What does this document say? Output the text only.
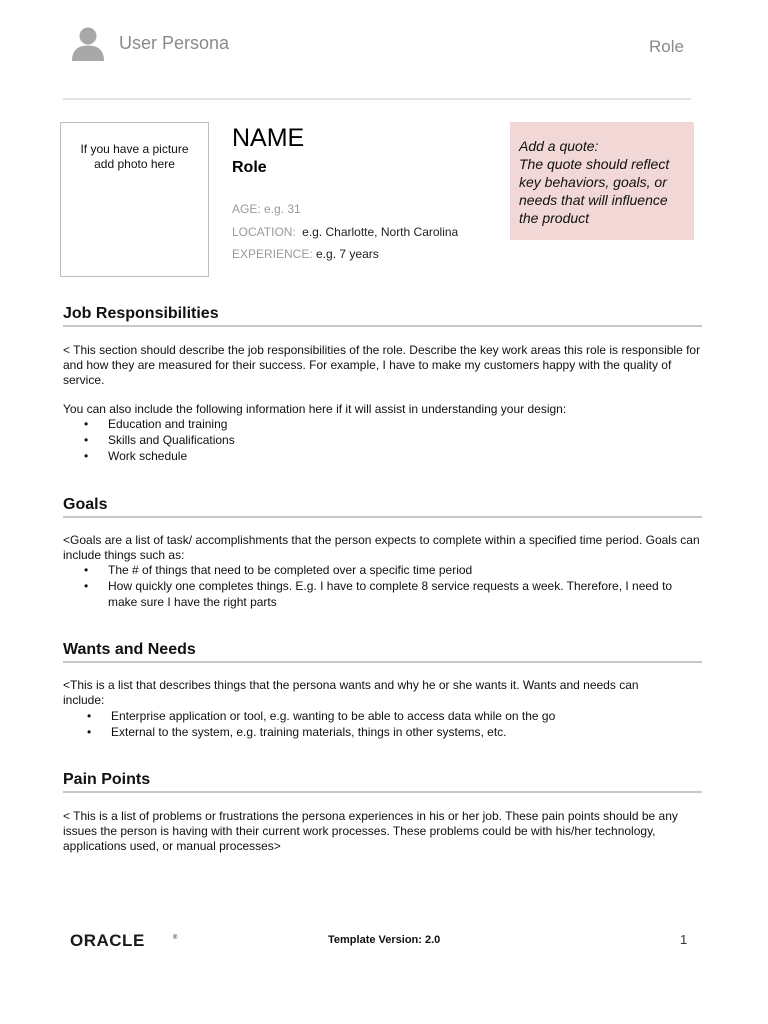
User Persona	Role
If you have a picture
add photo here
NAME
Role
AGE: e.g. 31
LOCATION: e.g. Charlotte, North Carolina
EXPERIENCE: e.g. 7 years
Add a quote:
The quote should reflect key behaviors, goals, or needs that will influence the product
Job Responsibilities

< This section should describe the job responsibilities of the role. Describe the key work areas this role is responsible for and how they are measured for their success. For example, I have to make my customers happy with the quality of service.

You can also include the following information here if it will assist in understanding your design:

• Education and training
• Skills and Qualifications
• Work schedule
Goals

<Goals are a list of task/ accomplishments that the person expects to complete within a specified time period. Goals can include things such as:

• The # of things that need to be completed over a specific time period
• How quickly one completes things. E.g. I have to complete 8 service requests a week. Therefore, I need to make sure I have the right parts
Wants and Needs

<This is a list that describes things that the persona wants and why he or she wants it. Wants and needs can include:

• Enterprise application or tool, e.g. wanting to be able to access data while on the go
• External to the system, e.g. training materials, things in other systems, etc.
Pain Points

< This is a list of problems or frustrations the persona experiences in his or her job. These pain points should be any issues the person is having with their current work processes. These problems could be with his/her technology, applications used, or manual processes>

ORACLE	®	Template Version: 2.0	1
